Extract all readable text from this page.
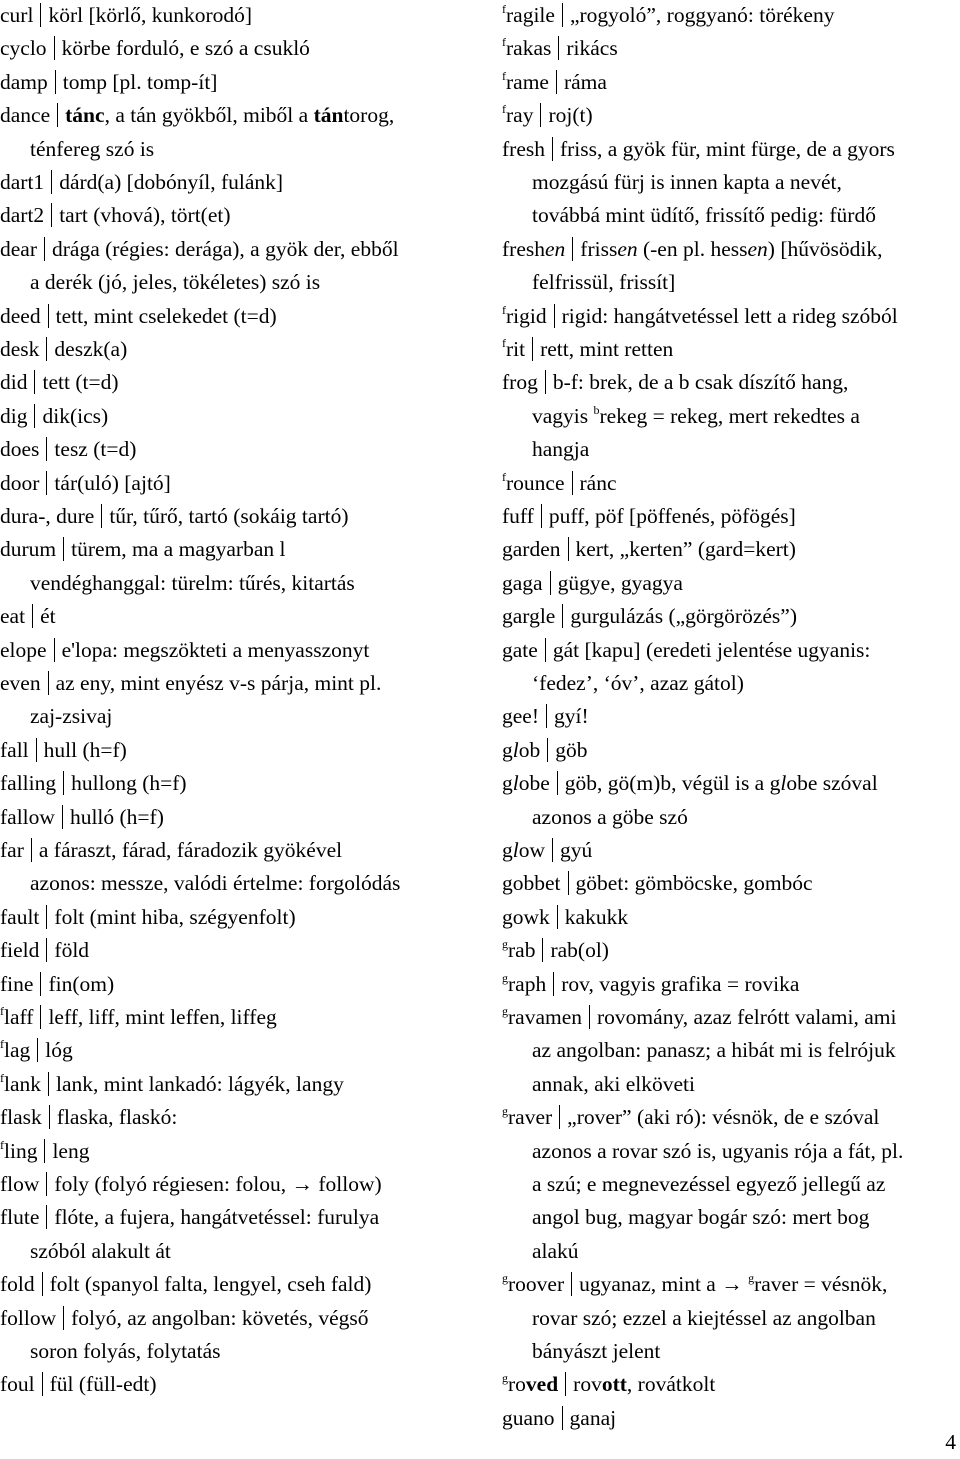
curl körl [körlő, kunkorodó]
cyclo körbe forduló, e szó a csukló
damp tomp [pl. tomp-ít]
dance tánc, a tán gyökből, miből a tántorog,
ténfereg szó is
dart1 dárd(a) [dobónyíl, fulánk]
dart2 tart (vhová), tört(et)
dear drága (régies: derága), a gyök der, ebből
a derék (jó, jeles, tökéletes) szó is
deed tett, mint cselekedet (t=d)
desk deszk(a)
did tett (t=d)
dig dik(ics)
does tesz (t=d)
door tár(uló) [ajtó]
dura-, dure tűr, tűrő, tartó (sokáig tartó)
durum türem, ma a magyarban l
vendéghanggal: türelm: tűrés, kitartás
eat ét
elope e'lopa: megszökteti a menyasszonyt
even az eny, mint enyész v-s párja, mint pl.
zaj-zsivaj
fall hull (h=f)
falling hullong (h=f)
fallow hulló (h=f)
far a fáraszt, fárad, fáradozik gyökével
azonos: messze, valódi értelme: forgolódás
fault folt (mint hiba, szégyenfolt)
field föld
fine fin(om)
$^f$laff leff, liff, mint leffen, liffeg
$^f$lag lóg
$^f$lank lank, mint lankadó: lágyék, langy
flask flaska, flaskó:
$^f$ling leng
flow foly (folyó régiesen: folou, → follow)
flute flóte, a fujera, hangátvetéssel: furulya
szóból alakult át
fold folt (spanyol falta, lengyel, cseh fald)
follow folyó, az angolban: követés, végső
soron folyás, folytatás
foul fül (füll-edt)
$^f$ragile „rogyoló”, roggyanó: törékeny
$^f$rakas rikács
$^f$rame ráma
$^f$ray roj(t)
fresh friss, a gyök für, mint fürge, de a gyors
mozgású fürj is innen kapta a nevét,
továbbá mint üdítő, frissítő pedig: fürdő
freshen frissen (-en pl. hessen) [hűvösödik,
felfrissül, frissít]
$^f$rigid rigid: hangátvetéssel lett a rideg szóból
$^f$rit rett, mint retten
frog b-f: brek, de a b csak díszítő hang,
vagyis $^b$rekeg = rekeg, mert rekedtes a
hangja
$^f$rounce ránc
fuff puff, pöf [pöffenés, pöfögés]
garden kert, „kerten” (gard=kert)
gaga gügye, gyagya
gargle gurgulázás („görgörözés”)
gate gát [kapu] (eredeti jelentése ugyanis:
‘fedez’, ‘óv’, azaz gátol)
gee! gyí!
glob göb
globe göb, gö(m)b, végül is a globe szóval
azonos a göbe szó
glow gyú
gobbet göbet: gömböcske, gombóc
gowk kakukk
$^g$rab rab(ol)
$^g$raph rov, vagyis grafika = rovika
$^g$ravamen rovomány, azaz felrótt valami, ami
az angolban: panasz; a hibát mi is felrójuk
annak, aki elköveti
$^g$raver „rover” (aki ró): vésnök, de e szóval
azonos a rovar szó is, ugyanis rója a fát, pl.
a szú; e megnevezéssel egyező jellegű az
angol bug, magyar bogár szó: mert bog
alakú
$^g$roover ugyanaz, mint a → $^g$raver = vésnök,
rovar szó; ezzel a kiejtéssel az angolban
bányászt jelent
$^g$roved rovott, rovátkolt
guano ganaj
4
